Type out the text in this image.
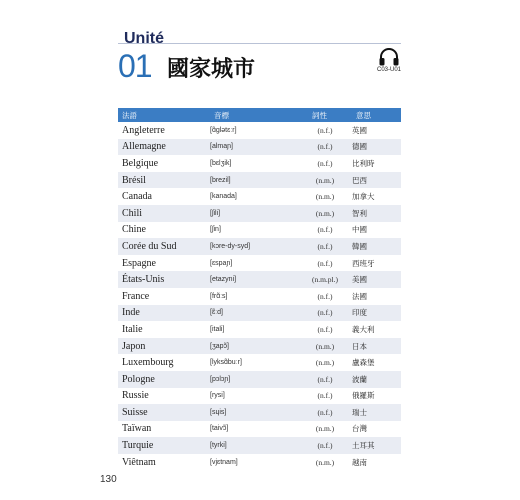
Unité
01 國家城市	C03-U01
法語	音標	詞性	意思
Angleterre	[ɑ̃glətɛːr]	(n.f.)	英國
Allemagne	[almaɲ]	(n.f.)	德國
Belgique	[bɛlʒik]	(n.f.)	比利時
Brésil	[brezil]	(n.m.)	巴西
Canada	[kanada]	(n.m.)	加拿大
Chili	[ʃili]	(n.m.)	智利
Chine	[ʃin]	(n.f.)	中國
Corée du Sud	[kɔre-dy-syd]	(n.f.)	韓國
Espagne	[ɛspaɲ]	(n.f.)	西班牙
États-Unis	[etazyni]	(n.m.pl.)	美國
France	[frɑ̃ːs]	(n.f.)	法國
Inde	[ɛ̃ːd]	(n.f.)	印度
Italie	[itali]	(n.f.)	義大利
Japon	[ʒapɔ̃]	(n.m.)	日本
Luxembourg	[lyksɑ̃buːr]	(n.m.)	盧森堡
Pologne	[pɔlɔɲ]	(n.f.)	波蘭
Russie	[rysi]	(n.f.)	俄羅斯
Suisse	[sɥis]	(n.f.)	瑞士
Taïwan	[taivɔ̃]	(n.m.)	台灣
Turquie	[tyrki]	(n.f.)	土耳其
Viêtnam	[vjɛtnam]	(n.m.)	越南
130
